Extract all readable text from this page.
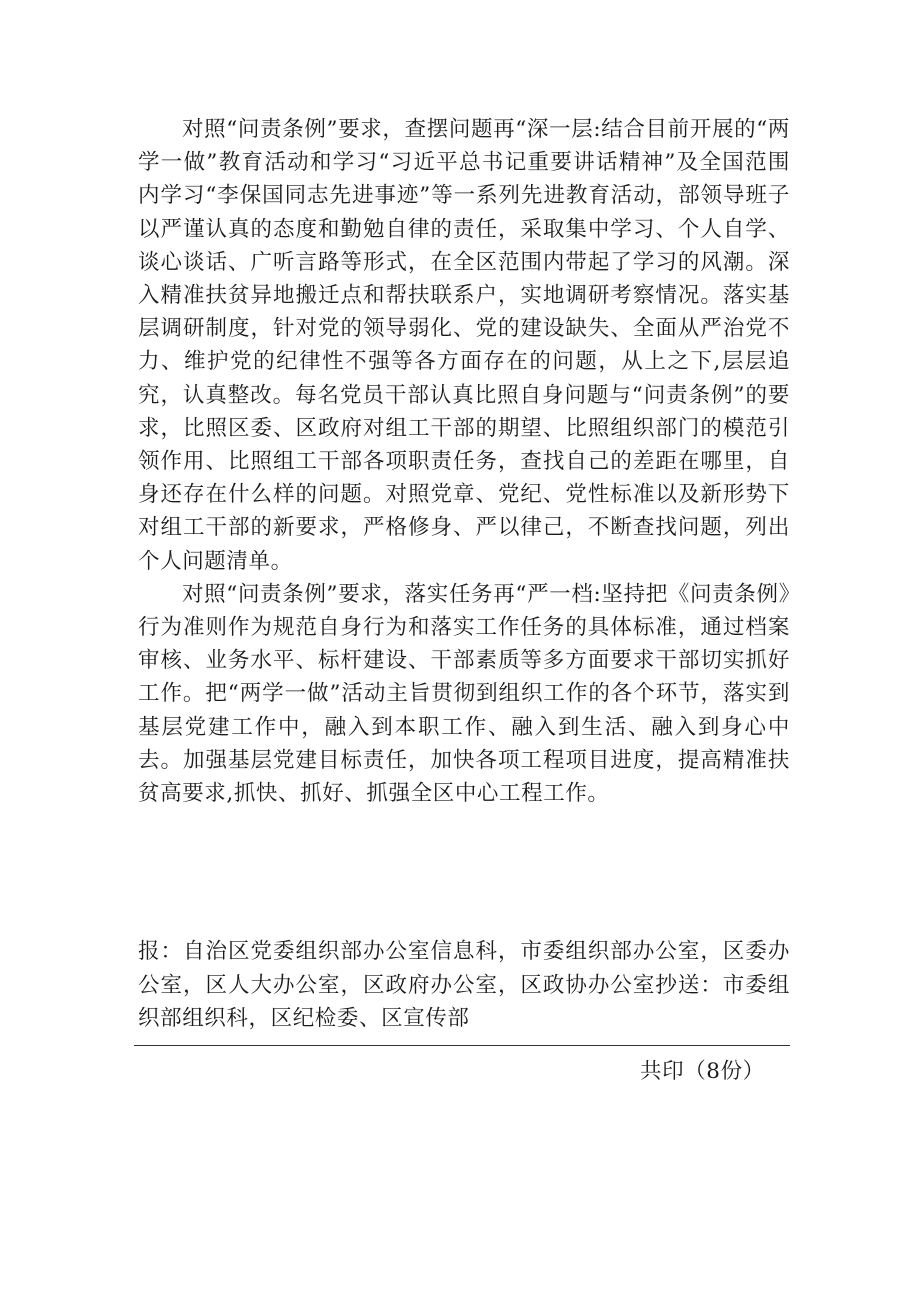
对照“问责条例”要求，查摆问题再“深一层:结合目前开展的“两学一做”教育活动和学习“习近平总书记重要讲话精神”及全国范围内学习“李保国同志先进事迹”等一系列先进教育活动，部领导班子以严谨认真的态度和勤勉自律的责任，采取集中学习、个人自学、谈心谈话、广听言路等形式，在全区范围内带起了学习的风潮。深入精准扶贫异地搬迁点和帮扶联系户，实地调研考察情况。落实基层调研制度，针对党的领导弱化、党的建设缺失、全面从严治党不力、维护党的纪律性不强等各方面存在的问题，从上之下,层层追究，认真整改。每名党员干部认真比照自身问题与“问责条例”的要求，比照区委、区政府对组工干部的期望、比照组织部门的模范引领作用、比照组工干部各项职责任务，查找自己的差距在哪里，自身还存在什么样的问题。对照党章、党纪、党性标准以及新形势下对组工干部的新要求，严格修身、严以律己，不断查找问题，列出个人问题清单。

对照“问责条例”要求，落实任务再“严一档:坚持把《问责条例》行为准则作为规范自身行为和落实工作任务的具体标准，通过档案审核、业务水平、标杆建设、干部素质等多方面要求干部切实抓好工作。把“两学一做”活动主旨贯彻到组织工作的各个环节，落实到基层党建工作中，融入到本职工作、融入到生活、融入到身心中去。加强基层党建目标责任，加快各项工程项目进度，提高精准扶贫高要求,抓快、抓好、抓强全区中心工程工作。

报：自治区党委组织部办公室信息科，市委组织部办公室，区委办公室，区人大办公室，区政府办公室，区政协办公室抄送：市委组织部组织科，区纪检委、区宣传部

共印（8份）
